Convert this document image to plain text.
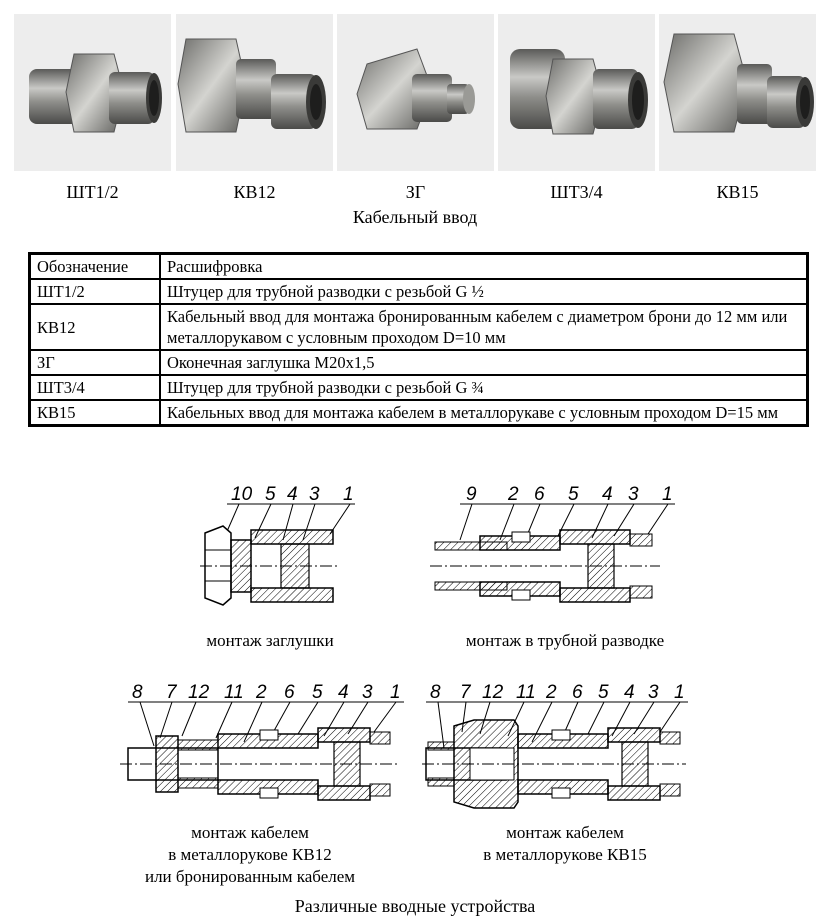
ШТ1/2	КВ12	ЗГ	ШТ3/4	КВ15
Кабельный ввод
Обозначение	Расшифровка
ШТ1/2	Штуцер для трубной разводки с резьбой G ½
КВ12	Кабельный ввод для монтажа бронированным кабелем с диаметром брони до 12 мм или металлорукавом с условным проходом D=10 мм
ЗГ	Оконечная заглушка М20х1,5
ШТ3/4	Штуцер для трубной разводки с резьбой G ¾
КВ15	Кабельных ввод для монтажа кабелем в металлорукаве с условным проходом D=15 мм
10 5 4 3 1
монтаж заглушки
9 2 6 5 4 3 1
монтаж в трубной разводке
8 7 12 11 2 6 5 4 3 1
монтаж кабелем
в металлорукове КВ12
или бронированным кабелем
8 7 12 11 2 6 5 4 3 1
монтаж кабелем
в металлорукове КВ15
Различные вводные устройства
